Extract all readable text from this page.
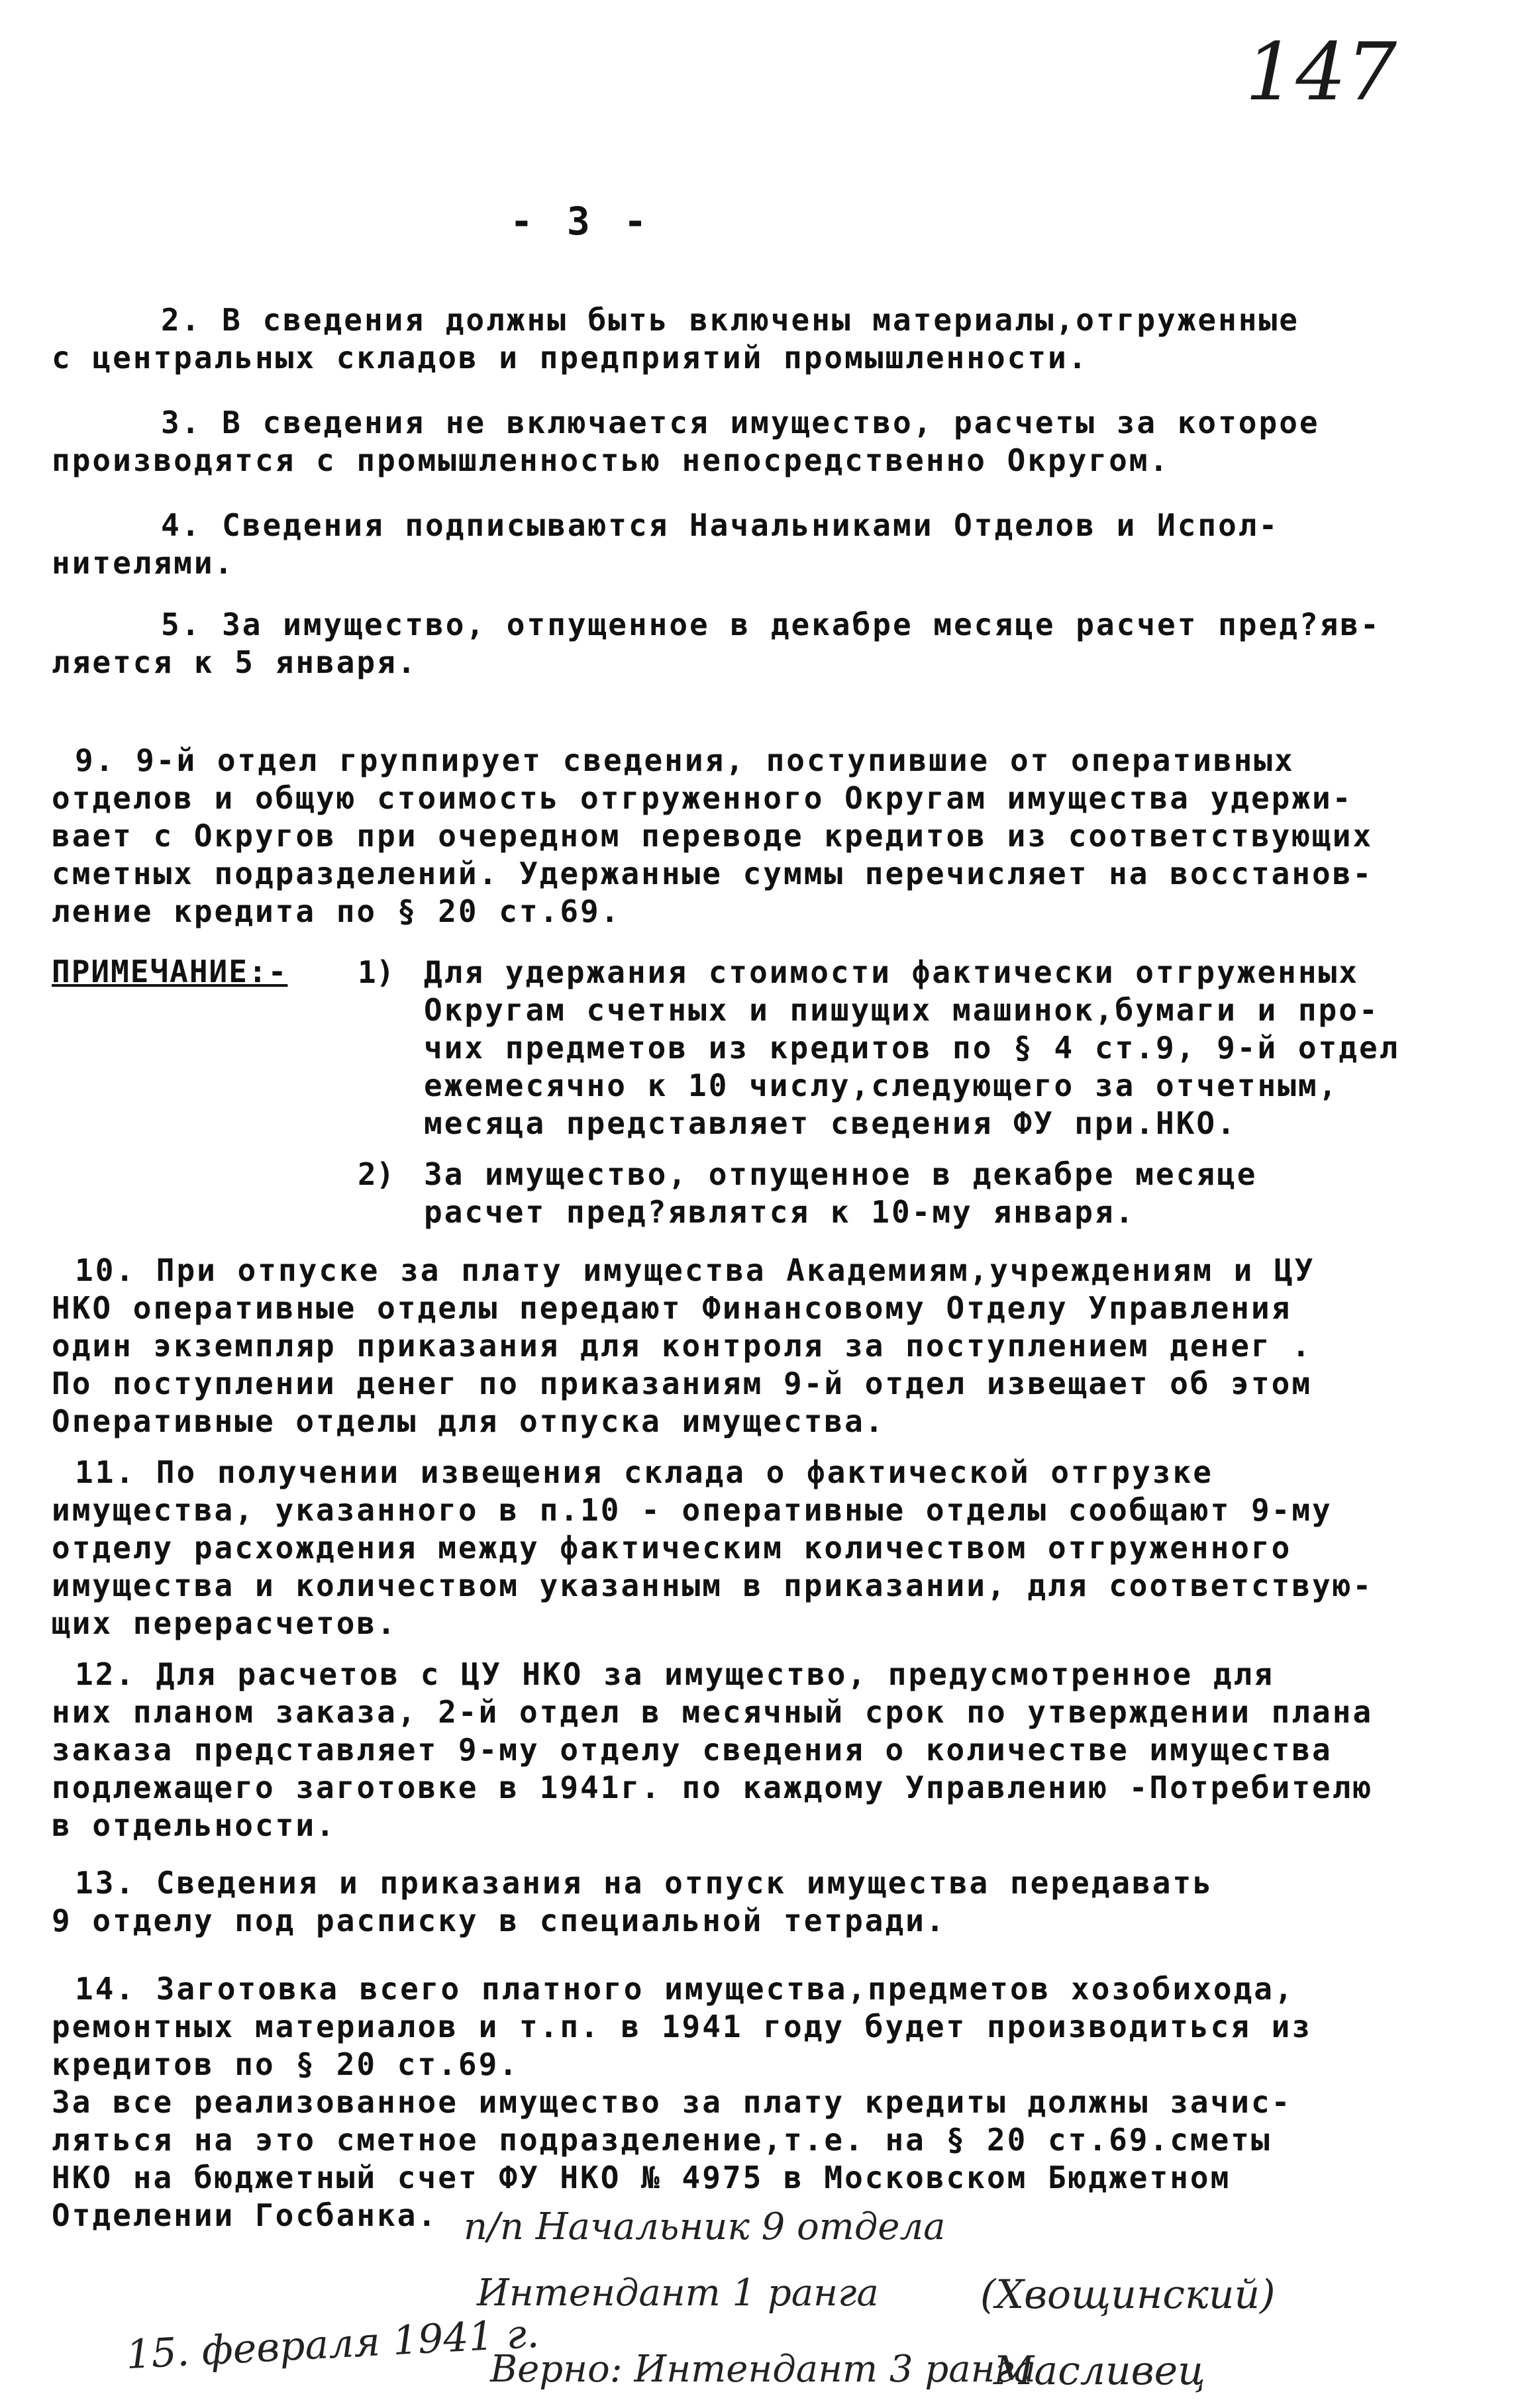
147
- 3 -
2. В сведения должны быть включены материалы,отгруженные
с центральных складов и предприятий промышленности.
3. В сведения не включается имущество, расчеты за которое
производятся с промышленностью непосредственно Округом.
4. Сведения подписываются Начальниками Отделов и Испол-
нителями.
5. За имущество, отпущенное в декабре месяце расчет пред?яв-
ляется к 5 января.
9. 9-й отдел группирует сведения, поступившие от оперативных
отделов и общую стоимость отгруженного Округам имущества удержи-
вает с Округов при очередном переводе кредитов из соответствующих
сметных подразделений. Удержанные суммы перечисляет на восстанов-
ление кредита по § 20 ст.69.
ПРИМЕЧАНИЕ:- 1) Для удержания стоимости фактически отгруженных
Округам счетных и пишущих машинок,бумаги и про-
чих предметов из кредитов по § 4 ст.9, 9-й отдел
ежемесячно к 10 числу,следующего за отчетным,
месяца представляет сведения ФУ при.НКО.
2) За имущество, отпущенное в декабре месяце
расчет пред?являтся к 10-му января.
10. При отпуске за плату имущества Академиям,учреждениям и ЦУ
НКО оперативные отделы передают Финансовому Отделу Управления
один экземпляр приказания для контроля за поступлением денег .
По поступлении денег по приказаниям 9-й отдел извещает об этом
Оперативные отделы для отпуска имущества.
11. По получении извещения склада о фактической отгрузке
имущества, указанного в п.10 - оперативные отделы сообщают 9-му
отделу расхождения между фактическим количеством отгруженного
имущества и количеством указанным в приказании, для соответствую-
щих перерасчетов.
12. Для расчетов с ЦУ НКО за имущество, предусмотренное для
них планом заказа, 2-й отдел в месячный срок по утверждении плана
заказа представляет 9-му отделу сведения о количестве имущества
подлежащего заготовке в 1941г. по каждому Управлению -Потребителю
в отдельности.
13. Сведения и приказания на отпуск имущества передавать
9 отделу под расписку в специальной тетради.
14. Заготовка всего платного имущества,предметов хозобихода,
ремонтных материалов и т.п. в 1941 году будет производиться из
кредитов по § 20 ст.69.
За все реализованное имущество за плату кредиты должны зачис-
ляться на это сметное подразделение,т.е. на § 20 ст.69.сметы
НКО на бюджетный счет ФУ НКО № 4975 в Московском Бюджетном
Отделении Госбанка. п/п Начальник 9 отдела
Интендант 1 ранга	(Хвощинский)
15. февраля 1941 г.
Верно: Интендант 3 ранга
Масливец
